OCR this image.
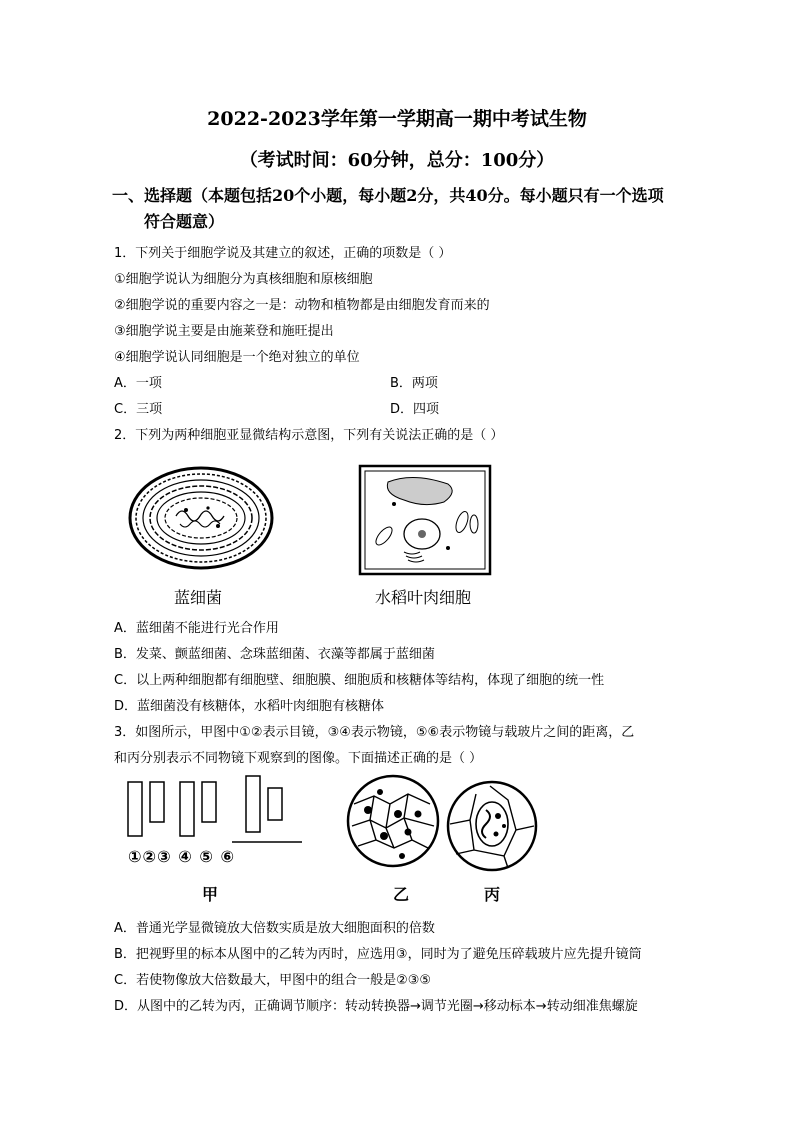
2022-2023学年第一学期高一期中考试生物
（考试时间：60分钟，总分：100分）
一、选择题（本题包括20个小题，每小题2分，共40分。每小题只有一个选项
符合题意）
1．下列关于细胞学说及其建立的叙述，正确的项数是（ ）
①细胞学说认为细胞分为真核细胞和原核细胞
②细胞学说的重要内容之一是：动物和植物都是由细胞发育而来的
③细胞学说主要是由施莱登和施旺提出
④细胞学说认同细胞是一个绝对独立的单位
A．一项	B．两项
C．三项	D．四项
2．下列为两种细胞亚显微结构示意图，下列有关说法正确的是（ ）
蓝细菌	水稻叶肉细胞
A．蓝细菌不能进行光合作用
B．发菜、颤蓝细菌、念珠蓝细菌、衣藻等都属于蓝细菌
C．以上两种细胞都有细胞壁、细胞膜、细胞质和核糖体等结构，体现了细胞的统一性
D．蓝细菌没有核糖体，水稻叶肉细胞有核糖体
3．如图所示，甲图中①②表示目镜，③④表示物镜，⑤⑥表示物镜与载玻片之间的距离，乙
和丙分别表示不同物镜下观察到的图像。下面描述正确的是（ ）
①②③ ④ ⑤ ⑥
甲	乙	丙
A．普通光学显微镜放大倍数实质是放大细胞面积的倍数
B．把视野里的标本从图中的乙转为丙时，应选用③，同时为了避免压碎载玻片应先提升镜筒
C．若使物像放大倍数最大，甲图中的组合一般是②③⑤
D．从图中的乙转为丙，正确调节顺序：转动转换器→调节光圈→移动标本→转动细准焦螺旋
